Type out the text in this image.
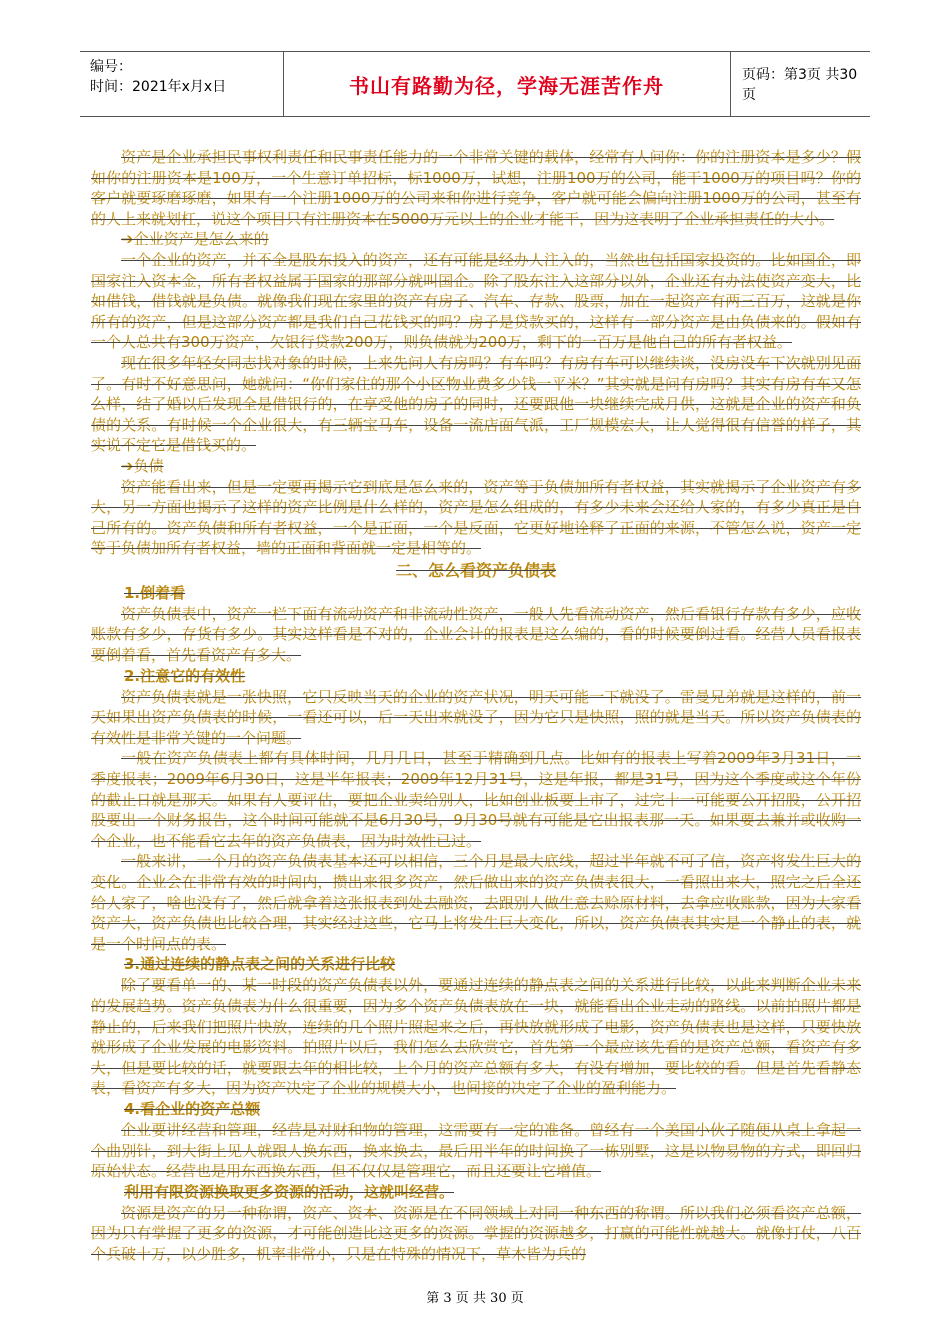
编号：
时间：2021年x月x日	书山有路勤为径，学海无涯苦作舟	页码：第3页 共30页

资产是企业承担民事权利责任和民事责任能力的一个非常关键的载体，经常有人问你：你的注册资本是多少？假如你的注册资本是100万，一个生意订单招标，标1000万，试想，注册100万的公司，能干1000万的项目吗？你的客户就要琢磨琢磨，如果有一个注册1000万的公司来和你进行竞争，客户就可能会偏向注册1000万的公司，甚至有的人上来就划杠，说这个项目只有注册资本在5000万元以上的企业才能干，因为这表明了企业承担责任的大小。

➔企业资产是怎么来的

一个企业的资产，并不全是股东投入的资产，还有可能是经办人注入的，当然也包括国家投资的。比如国企，即国家注入资本金，所有者权益属于国家的那部分就叫国企。除了股东注入这部分以外，企业还有办法使资产变大，比如借钱，借钱就是负债。就像我们现在家里的资产有房子、汽车、存款、股票，加在一起资产有两三百万，这就是你所有的资产，但是这部分资产都是我们自己花钱买的吗？房子是贷款买的，这样有一部分资产是由负债来的。假如有一个人总共有300万资产，欠银行贷款200万，则负债就为200万，剩下的一百万是他自己的所有者权益。

现在很多年轻女同志找对象的时候，上来先问人有房吗？有车吗？有房有车可以继续谈，没房没车下次就别见面了。有时不好意思问，她就问：“你们家住的那个小区物业费多少钱一平米？”其实就是问有房吗？其实有房有车又怎么样，结了婚以后发现全是借银行的，在享受他的房子的同时，还要跟他一块继续完成月供，这就是企业的资产和负债的关系。有时候一个企业很大，有三辆宝马车，设备一流店面气派，工厂规模宏大，让人觉得很有信誉的样子，其实说不定它是借钱买的。

➔负债

资产能看出来，但是一定要再揭示它到底是怎么来的，资产等于负债加所有者权益，其实就揭示了企业资产有多大，另一方面也揭示了这样的资产比例是什么样的，资产是怎么组成的，有多少未来会还给人家的，有多少真正是自己所有的。资产负债和所有者权益，一个是正面，一个是反面，它更好地诠释了正面的来源，不管怎么说，资产一定等于负债加所有者权益，墙的正面和背面就一定是相等的。

二、怎么看资产负债表
1.倒着看

资产负债表中，资产一栏下面有流动资产和非流动性资产，一般人先看流动资产，然后看银行存款有多少，应收账款有多少，存货有多少。其实这样看是不对的，企业会计的报表是这么编的，看的时候要倒过看。经营人员看报表要倒着看，首先看资产有多大。

2.注意它的有效性

资产负债表就是一张快照，它只反映当天的企业的资产状况，明天可能一下就没了。雷曼兄弟就是这样的，前一天如果出资产负债表的时候，一看还可以，后一天出来就没了，因为它只是快照，照的就是当天。所以资产负债表的有效性是非常关键的一个问题。

一般在资产负债表上都有具体时间，几月几日，甚至于精确到几点。比如有的报表上写着2009年3月31日，一季度报表；2009年6月30日，这是半年报表；2009年12月31号，这是年报，都是31号，因为这个季度或这个年份的截止日就是那天。如果有人要评估，要把企业卖给别人，比如创业板要上市了，过完十一可能要公开招股，公开招股要出一个财务报告，这个时间可能就不是6月30号，9月30号就有可能是它出报表那一天。如果要去兼并或收购一个企业，也不能看它去年的资产负债表，因为时效性已过。

一般来讲，一个月的资产负债表基本还可以相信，三个月是最大底线，超过半年就不可了信，资产将发生巨大的变化。企业会在非常有效的时间内，攒出来很多资产，然后做出来的资产负债表很大，一看照出来大，照完之后全还给人家了，啥也没有了，然后就拿着这张报表到处去融资，去跟别人做生意去赊原材料，去拿应收账款，因为大家看资产大，资产负债也比较合理，其实经过这些，它马上将发生巨大变化，所以，资产负债表其实是一个静止的表，就是一个时间点的表。

3.通过连续的静点表之间的关系进行比较

除了要看单一的、某一时段的资产负债表以外，要通过连续的静点表之间的关系进行比较，以此来判断企业未来的发展趋势。资产负债表为什么很重要，因为多个资产负债表放在一块，就能看出企业走动的路线。以前拍照片都是静止的，后来我们把照片快放，连续的几个照片照起来之后，再快放就形成了电影，资产负债表也是这样，只要快放就形成了企业发展的电影资料。拍照片以后，我们怎么去欣赏它，首先第一个最应该先看的是资产总额，看资产有多大，但是要比较的话，就要跟去年的相比较，上个月的资产总额有多大，有没有增加，要比较的看。但是首先看静态表，看资产有多大，因为资产决定了企业的规模大小，也间接的决定了企业的盈利能力。

4.看企业的资产总额

企业要讲经营和管理，经营是对财和物的管理，这需要有一定的准备。曾经有一个美国小伙子随便从桌上拿起一个曲别针，到大街上见人就跟人换东西，换来换去，最后用半年的时间换了一栋别墅，这是以物易物的方式，即回归原始状态。经营也是用东西换东西，但不仅仅是管理它，而且还要让它增值。

利用有限资源换取更多资源的活动，这就叫经营。

资源是资产的另一种称谓，资产、资本、资源是在不同领域上对同一种东西的称谓。所以我们必须看资产总额，因为只有掌握了更多的资源，才可能创造比这更多的资源。掌握的资源越多，打赢的可能性就越大。就像打仗，八百个兵破十万，以少胜多，机率非常小，只是在特殊的情况下，草木皆为兵的

第 3 页 共 30 页
